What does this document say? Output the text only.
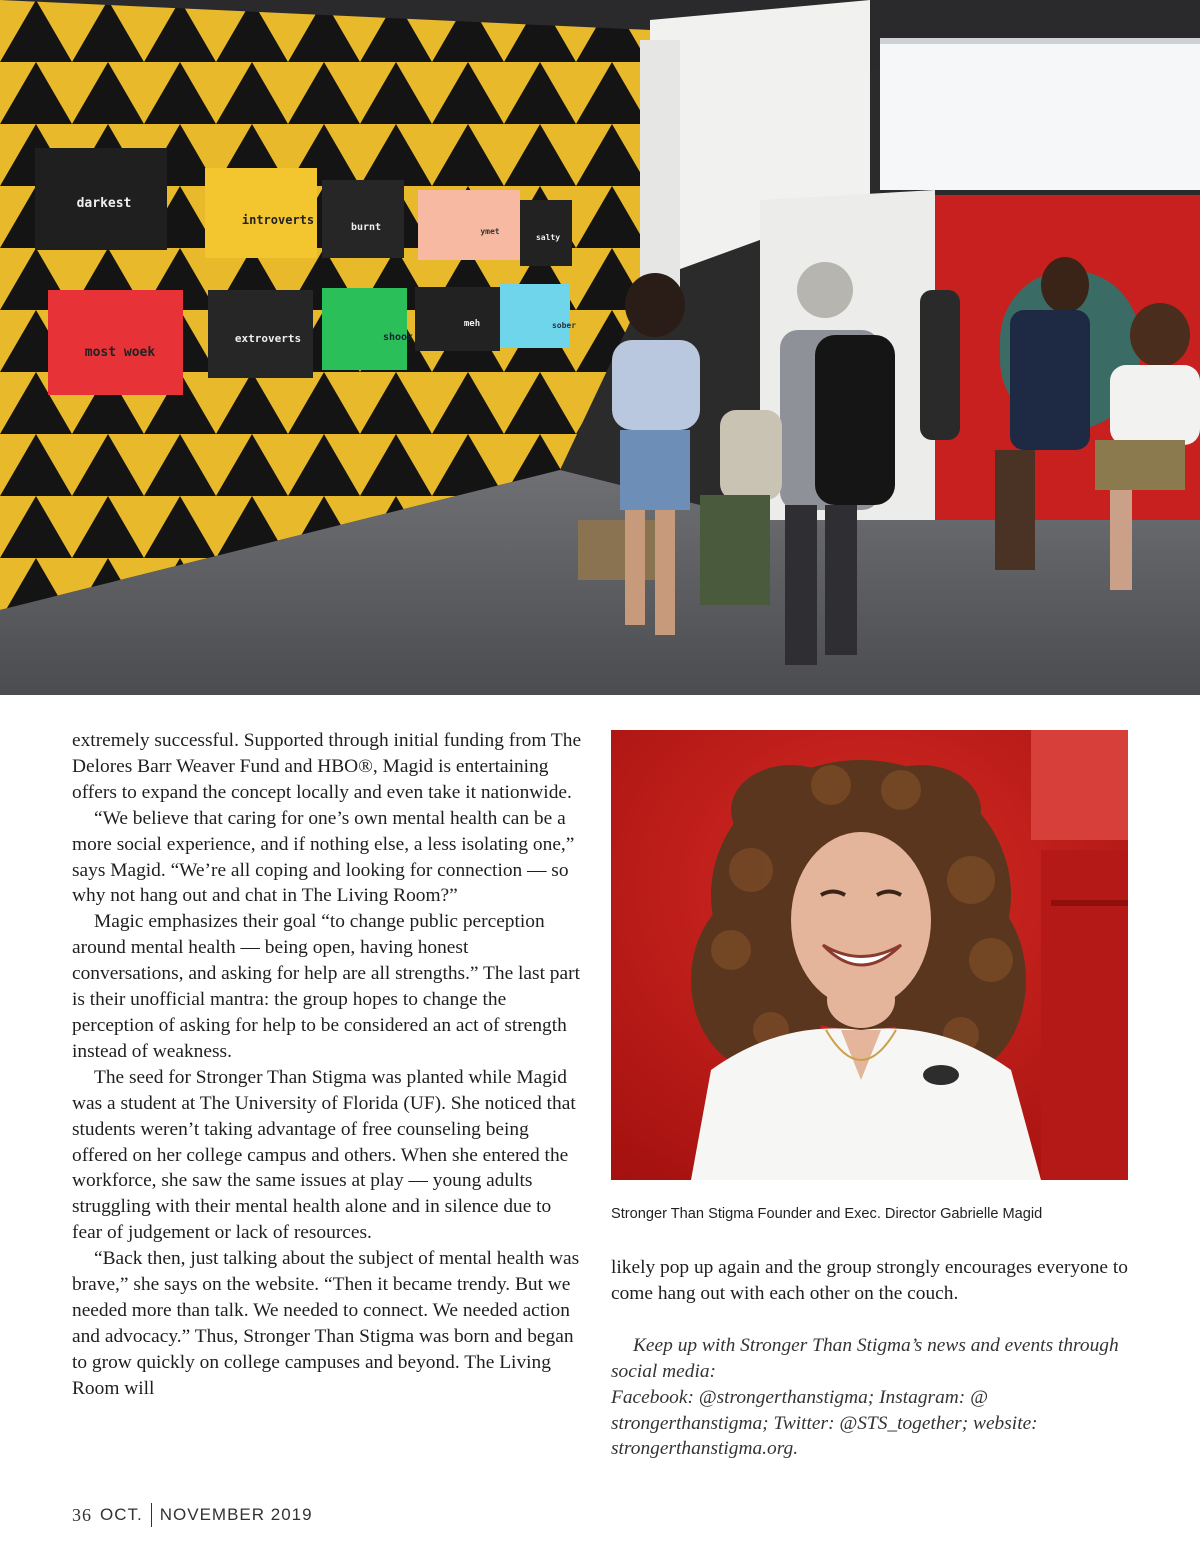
darkest
introverts
burnt	ymet
salty
most woek
extroverts	shook
meh	sober

extremely successful. Supported through initial funding from The Delores Barr Weaver Fund and HBO®, Magid is entertaining offers to expand the concept locally and even take it nationwide.

“We believe that caring for one’s own mental health can be a more social experience, and if nothing else, a less isolating one,” says Magid. “We’re all coping and looking for connection — so why not hang out and chat in The Living Room?”

Magic emphasizes their goal “to change public perception around mental health — being open, having honest conversations, and asking for help are all strengths.” The last part is their unofficial mantra: the group hopes to change the perception of asking for help to be considered an act of strength instead of weakness.

The seed for Stronger Than Stigma was planted while Magid was a student at The University of Florida (UF). She noticed that students weren’t taking advantage of free counseling being offered on her college campus and others. When she entered the workforce, she saw the same issues at play — young adults struggling with their mental health alone and in silence due to fear of judgement or lack of resources.

“Back then, just talking about the subject of mental health was brave,” she says on the website. “Then it became trendy. But we needed more than talk. We needed to connect. We needed action and advocacy.” Thus, Stronger Than Stigma was born and began to grow quickly on college campuses and beyond. The Living Room will

Stronger Than Stigma Founder and Exec. Director Gabrielle Magid

likely pop up again and the group strongly encourages everyone to come hang out with each other on the couch.

Keep up with Stronger Than Stigma’s news and events through social media:
Facebook: @strongerthanstigma; Instagram: @ strongerthanstigma; Twitter: @STS_together; website: strongerthanstigma.org.

36 OCT. NOVEMBER 2019
